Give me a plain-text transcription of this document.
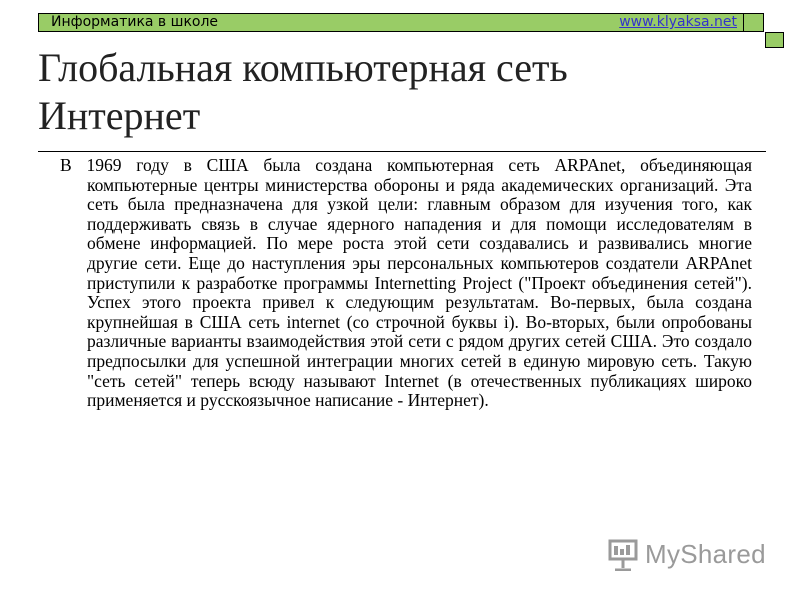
Информатика в школе	www.klyaksa.net
Глобальная компьютерная сеть Интернет
В 1969 году в США была создана компьютерная сеть ARPAnet, объединяющая компьютерные центры министерства обороны и ряда академических организаций. Эта сеть была предназначена для узкой цели: главным образом для изучения того, как поддерживать связь в случае ядерного нападения и для помощи исследователям в обмене информацией. По мере роста этой сети создавались и развивались многие другие сети. Еще до наступления эры персональных компьютеров создатели ARPAnet приступили к разработке программы Internetting Project ("Проект объединения сетей"). Успех этого проекта привел к следующим результатам. Во-первых, была создана крупнейшая в США сеть internet (со строчной буквы i). Во-вторых, были опробованы различные варианты взаимодействия этой сети с рядом других сетей США. Это создало предпосылки для успешной интеграции многих сетей в единую мировую сеть. Такую "сеть сетей" теперь всюду называют Internet (в отечественных публикациях широко применяется и русскоязычное написание - Интернет).
MyShared
